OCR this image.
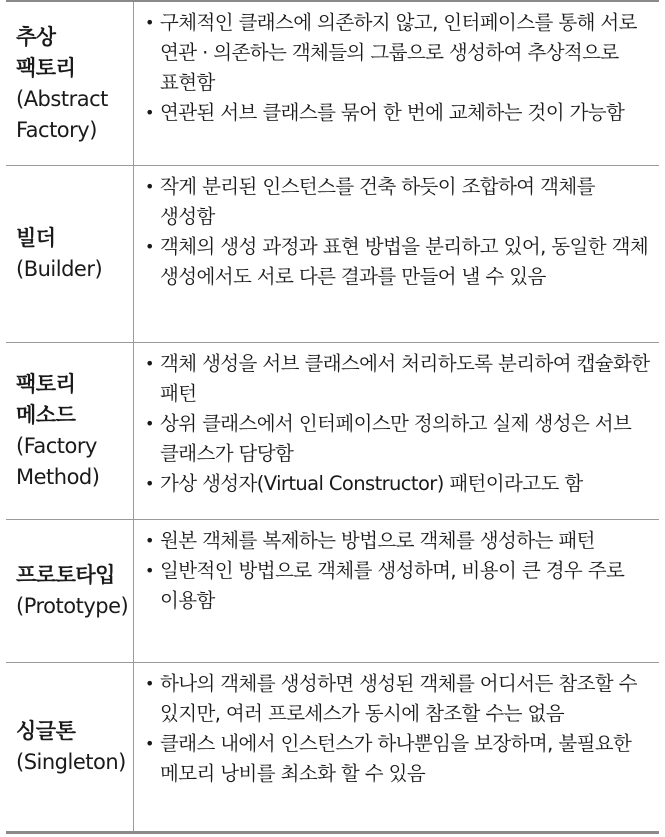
추상
팩토리
(Abstract
Factory)
• 구체적인 클래스에 의존하지 않고, 인터페이스를 통해 서로 연관 · 의존하는 객체들의 그룹으로 생성하여 추상적으로 표현함
• 연관된 서브 클래스를 묶어 한 번에 교체하는 것이 가능함
빌더
(Builder)
• 작게 분리된 인스턴스를 건축 하듯이 조합하여 객체를 생성함
• 객체의 생성 과정과 표현 방법을 분리하고 있어, 동일한 객체 생성에서도 서로 다른 결과를 만들어 낼 수 있음
팩토리
메소드
(Factory
Method)
• 객체 생성을 서브 클래스에서 처리하도록 분리하여 캡슐화한 패턴
• 상위 클래스에서 인터페이스만 정의하고 실제 생성은 서브 클래스가 담당함
• 가상 생성자(Virtual Constructor) 패턴이라고도 함
프로토타입
(Prototype)
• 원본 객체를 복제하는 방법으로 객체를 생성하는 패턴
• 일반적인 방법으로 객체를 생성하며, 비용이 큰 경우 주로 이용함
싱글톤
(Singleton)
• 하나의 객체를 생성하면 생성된 객체를 어디서든 참조할 수 있지만, 여러 프로세스가 동시에 참조할 수는 없음
• 클래스 내에서 인스턴스가 하나뿐임을 보장하며, 불필요한 메모리 낭비를 최소화 할 수 있음
